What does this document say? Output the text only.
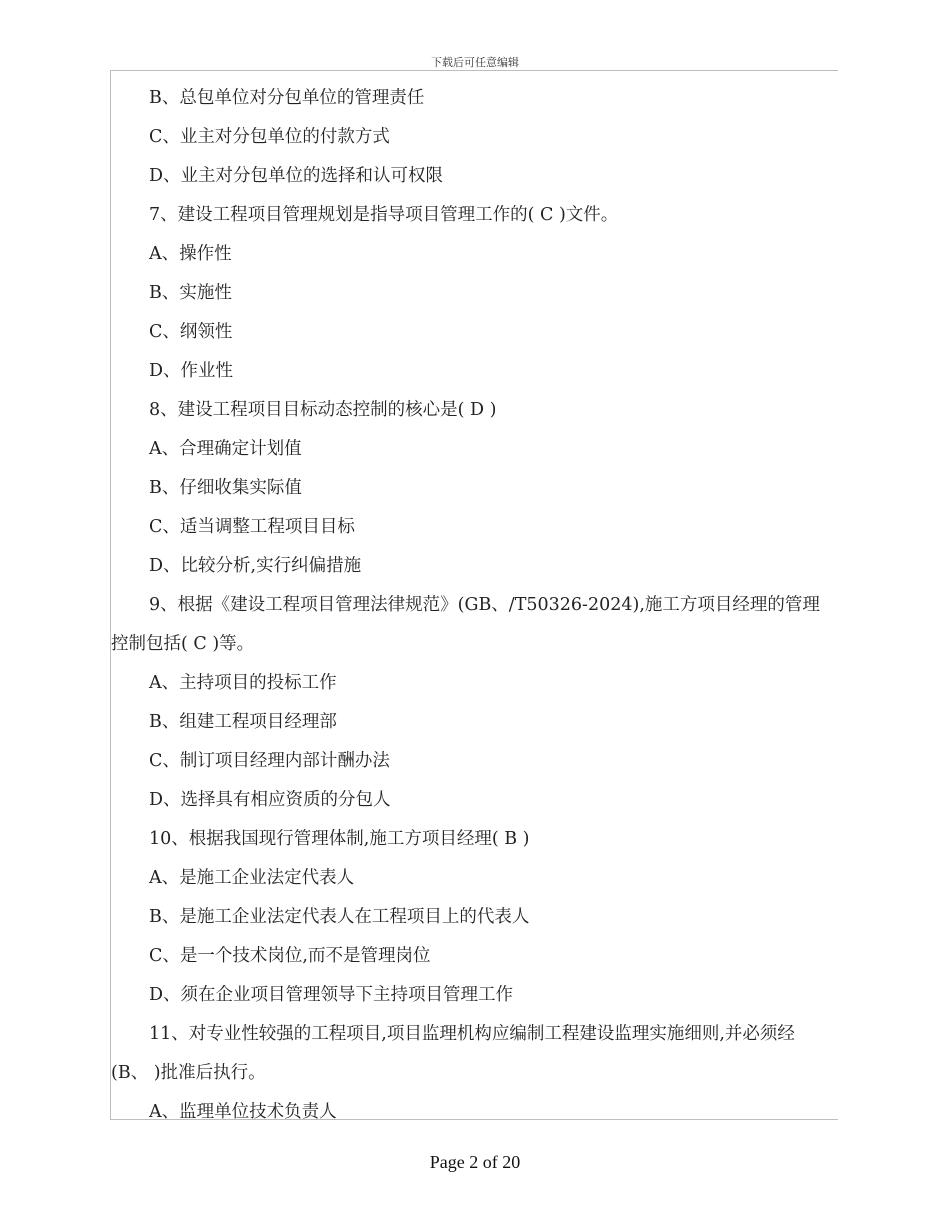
下载后可任意编辑
B、总包单位对分包单位的管理责任
C、业主对分包单位的付款方式
D、业主对分包单位的选择和认可权限
7、建设工程项目管理规划是指导项目管理工作的( C )文件。
A、操作性
B、实施性
C、纲领性
D、作业性
8、建设工程项目目标动态控制的核心是( D )
A、合理确定计划值
B、仔细收集实际值
C、适当调整工程项目目标
D、比较分析,实行纠偏措施
9、根据《建设工程项目管理法律规范》(GB、/T50326-2024),施工方项目经理的管理
控制包括( C )等。
A、主持项目的投标工作
B、组建工程项目经理部
C、制订项目经理内部计酬办法
D、选择具有相应资质的分包人
10、根据我国现行管理体制,施工方项目经理( B )
A、是施工企业法定代表人
B、是施工企业法定代表人在工程项目上的代表人
C、是一个技术岗位,而不是管理岗位
D、须在企业项目管理领导下主持项目管理工作
11、对专业性较强的工程项目,项目监理机构应编制工程建设监理实施细则,并必须经
(B、 )批准后执行。
A、监理单位技术负责人
Page 2 of 20
